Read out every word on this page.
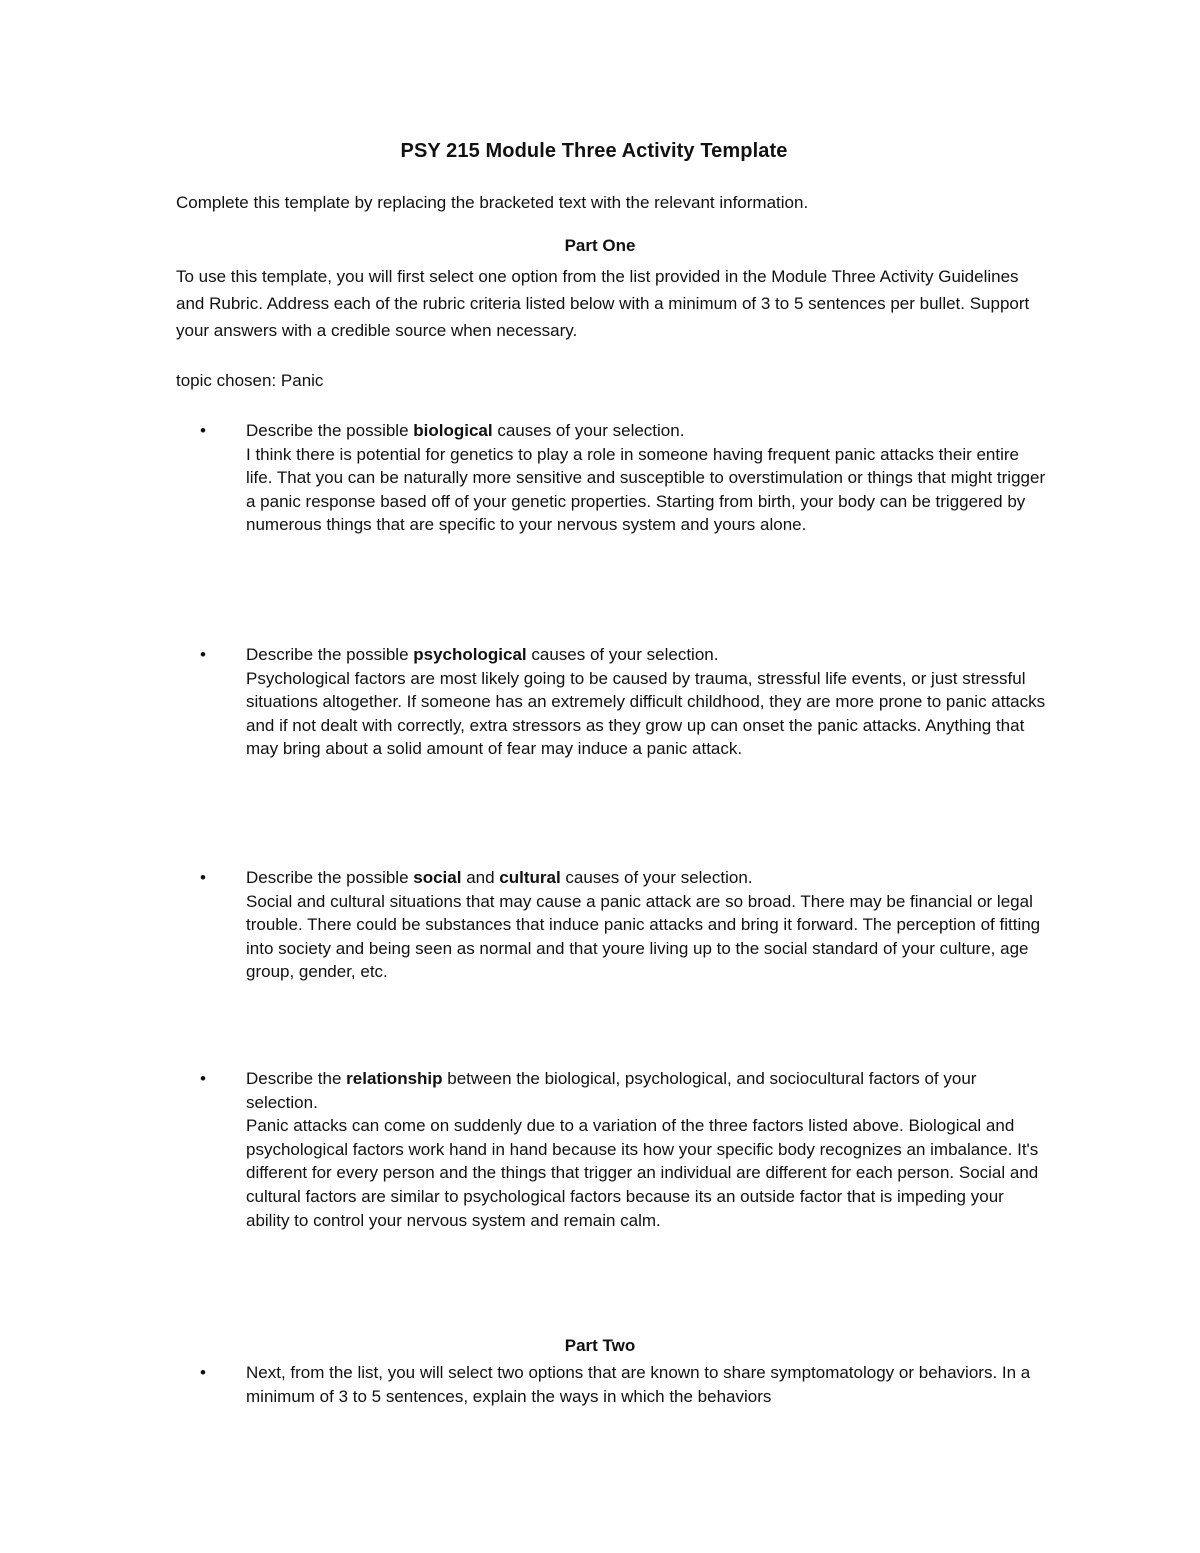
PSY 215 Module Three Activity Template
Complete this template by replacing the bracketed text with the relevant information.
Part One
To use this template, you will first select one option from the list provided in the Module Three Activity Guidelines and Rubric. Address each of the rubric criteria listed below with a minimum of 3 to 5 sentences per bullet. Support your answers with a credible source when necessary.
topic chosen: Panic
• Describe the possible biological causes of your selection.
I think there is potential for genetics to play a role in someone having frequent panic attacks their entire life. That you can be naturally more sensitive and susceptible to overstimulation or things that might trigger a panic response based off of your genetic properties. Starting from birth, your body can be triggered by numerous things that are specific to your nervous system and yours alone.
• Describe the possible psychological causes of your selection.
Psychological factors are most likely going to be caused by trauma, stressful life events, or just stressful situations altogether. If someone has an extremely difficult childhood, they are more prone to panic attacks and if not dealt with correctly, extra stressors as they grow up can onset the panic attacks. Anything that may bring about a solid amount of fear may induce a panic attack.
• Describe the possible social and cultural causes of your selection.
Social and cultural situations that may cause a panic attack are so broad. There may be financial or legal trouble. There could be substances that induce panic attacks and bring it forward. The perception of fitting into society and being seen as normal and that youre living up to the social standard of your culture, age group, gender, etc.
• Describe the relationship between the biological, psychological, and sociocultural factors of your selection.
Panic attacks can come on suddenly due to a variation of the three factors listed above. Biological and psychological factors work hand in hand because its how your specific body recognizes an imbalance. It's different for every person and the things that trigger an individual are different for each person. Social and cultural factors are similar to psychological factors because its an outside factor that is impeding your ability to control your nervous system and remain calm.
Part Two
• Next, from the list, you will select two options that are known to share symptomatology or behaviors. In a minimum of 3 to 5 sentences, explain the ways in which the behaviors
